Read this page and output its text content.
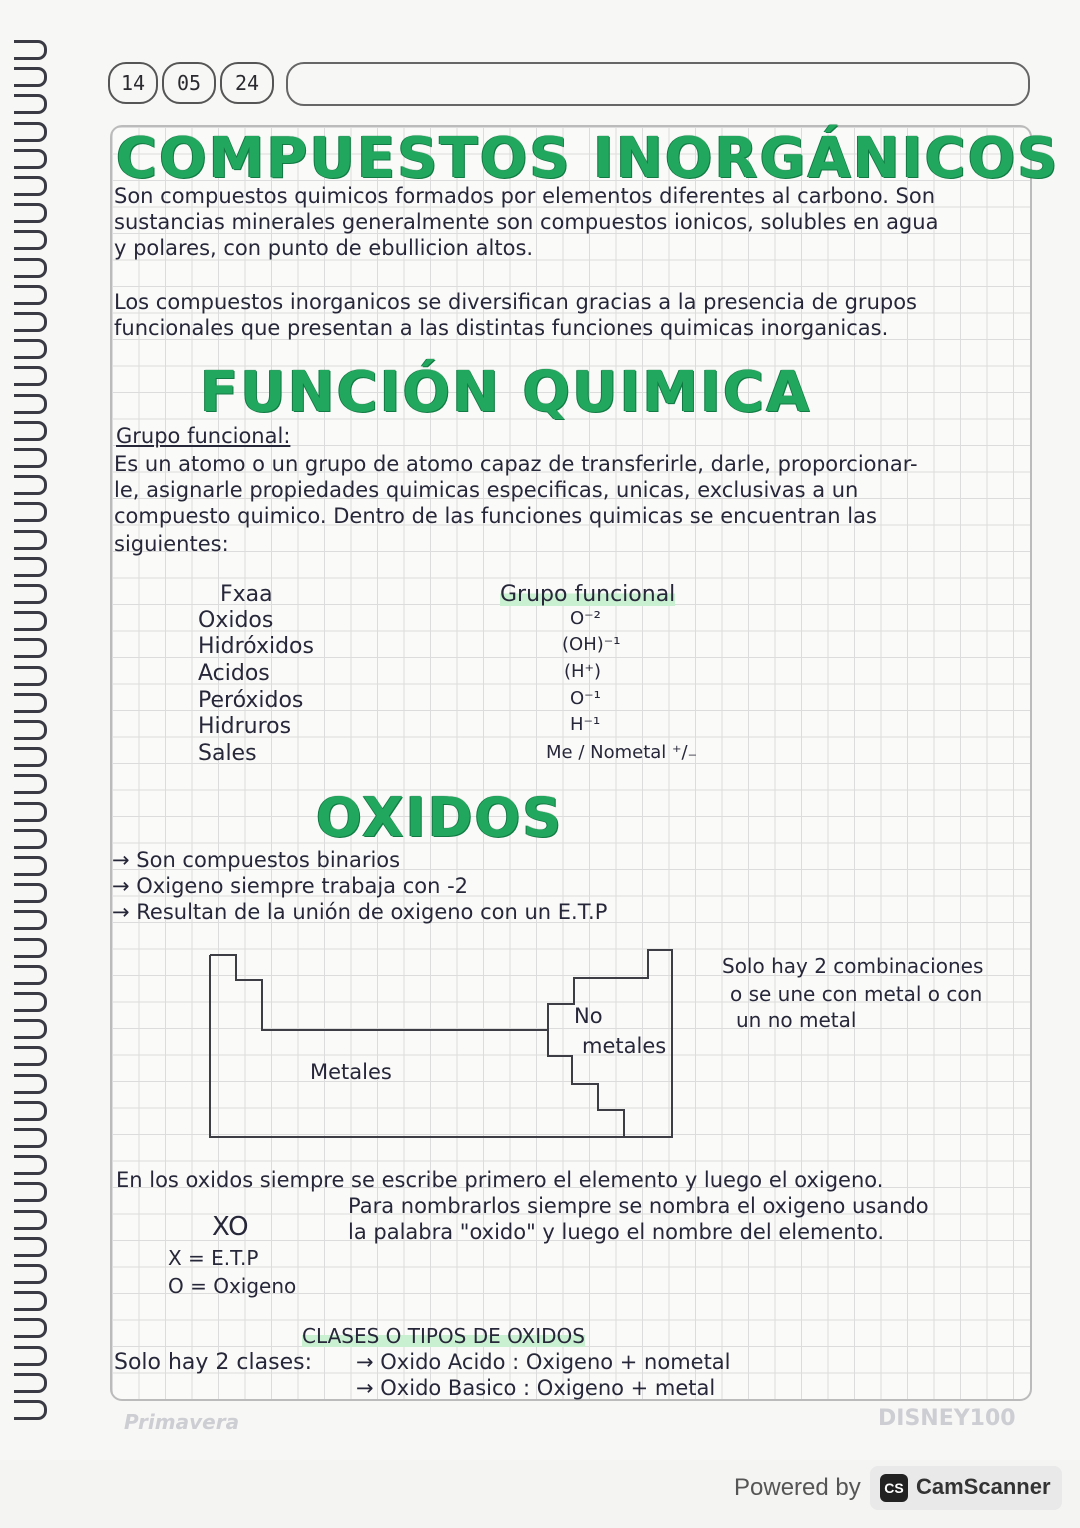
14	05	24
COMPUESTOS INORGÁNICOS
Son compuestos quimicos formados por elementos diferentes al carbono. Son
sustancias minerales generalmente son compuestos ionicos, solubles en agua
y polares, con punto de ebullicion altos.
Los compuestos inorganicos se diversifican gracias a la presencia de grupos
funcionales que presentan a las distintas funciones quimicas inorganicas.
FUNCIÓN QUIMICA
Grupo funcional:
Es un atomo o un grupo de atomo capaz de transferirle, darle, proporcionar-
le, asignarle propiedades quimicas especificas, unicas, exclusivas a un
compuesto quimico. Dentro de las funciones quimicas se encuentran las
siguientes:
Fxaa	Grupo funcional
Oxidos	O⁻²
Hidróxidos	(OH)⁻¹
Acidos	(H⁺)
Peróxidos	O⁻¹
Hidruros	H⁻¹
Sales	Me / Nometal ⁺/₋
OXIDOS
→ Son compuestos binarios
→ Oxigeno siempre trabaja con -2
→ Resultan de la unión de oxigeno con un E.T.P
Metales
No
metales
Solo hay 2 combinaciones
o se une con metal o con
un no metal
En los oxidos siempre se escribe primero el elemento y luego el oxigeno.
Para nombrarlos siempre se nombra el oxigeno usando
la palabra "oxido" y luego el nombre del elemento.
XO
X = E.T.P
O = Oxigeno
CLASES O TIPOS DE OXIDOS
Solo hay 2 clases: → Oxido Acido : Oxigeno + nometal
→ Oxido Basico : Oxigeno + metal
Primavera	DISNEY100
Powered by	CS CamScanner
